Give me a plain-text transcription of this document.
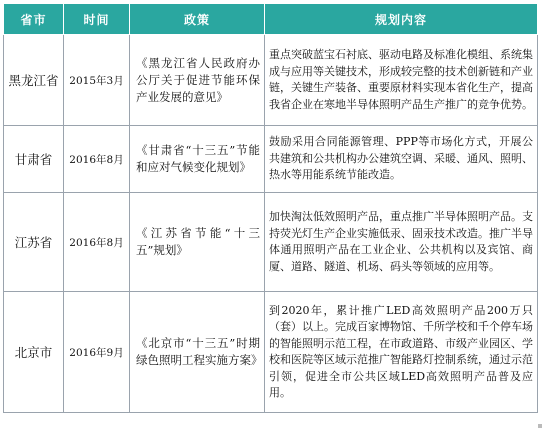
省市	时间	政策	规划内容
黑龙江省	2015年3月	《黑龙江省人民政府办公厅关于促进节能环保产业发展的意见》	重点突破蓝宝石衬底、驱动电路及标准化模组、系统集成与应用等关键技术，形成较完整的技术创新链和产业链，关键生产装备、重要原材料实现本省化生产，提高我省企业在寒地半导体照明产品生产推广的竞争优势。
甘肃省	2016年8月	《甘肃省“十三五”节能和应对气候变化规划》	鼓励采用合同能源管理、PPP等市场化方式，开展公共建筑和公共机构办公建筑空调、采暖、通风、照明、热水等用能系统节能改造。
江苏省	2016年8月	《江苏省节能“十三五”规划》	加快淘汰低效照明产品，重点推广半导体照明产品。支持荧光灯生产企业实施低汞、固汞技术改造。推广半导体通用照明产品在工业企业、公共机构以及宾馆、商厦、道路、隧道、机场、码头等领域的应用等。
北京市	2016年9月	《北京市“十三五”时期绿色照明工程实施方案》	到2020年，累计推广LED高效照明产品200万只（套）以上。完成百家博物馆、千所学校和千个停车场的智能照明示范工程，在市政道路、市级产业园区、学校和医院等区域示范推广智能路灯控制系统，通过示范引领，促进全市公共区域LED高效照明产品普及应用。
